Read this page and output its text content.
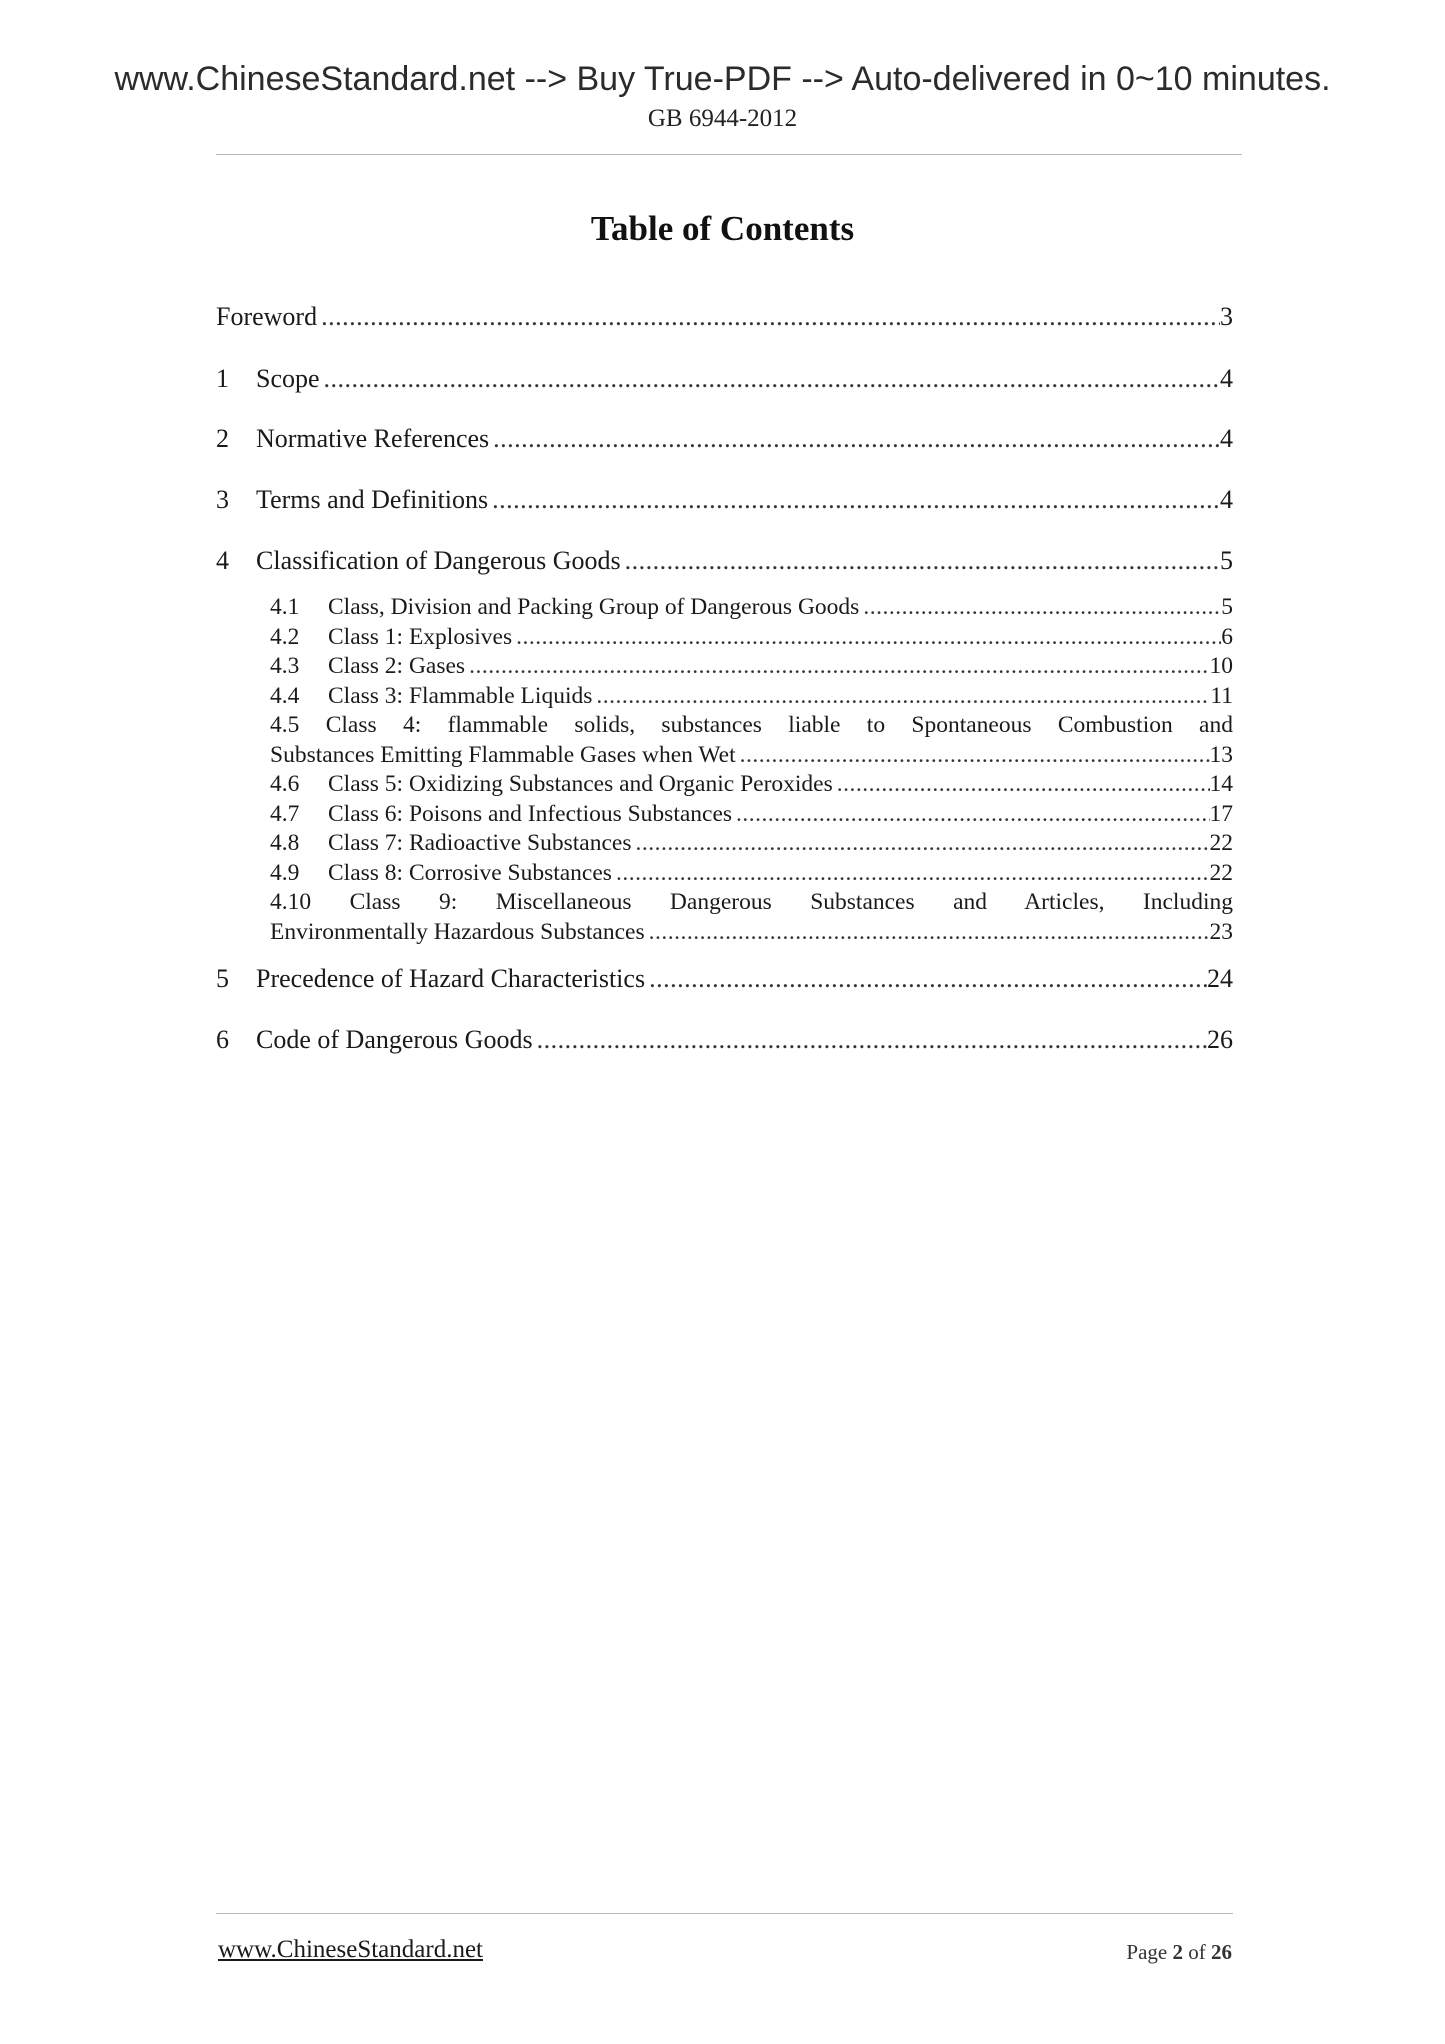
www.ChineseStandard.net --> Buy True-PDF --> Auto-delivered in 0~10 minutes.
GB 6944-2012
Table of Contents
Foreword .....	3
1	Scope .....	4
2	Normative References .....	4
3	Terms and Definitions .....	4
4	Classification of Dangerous Goods .....	5
4.1	Class, Division and Packing Group of Dangerous Goods .....	5
4.2	Class 1: Explosives .....	6
4.3	Class 2: Gases .....	10
4.4	Class 3: Flammable Liquids .....	11
4.5 Class 4: flammable solids, substances liable to Spontaneous Combustion and
Substances Emitting Flammable Gases when Wet .....	13
4.6	Class 5: Oxidizing Substances and Organic Peroxides .....	14
4.7	Class 6: Poisons and Infectious Substances .....	17
4.8	Class 7: Radioactive Substances .....	22
4.9	Class 8: Corrosive Substances .....	22
4.10 Class 9: Miscellaneous Dangerous Substances and Articles, Including
Environmentally Hazardous Substances .....	23
5	Precedence of Hazard Characteristics .....	24
6	Code of Dangerous Goods .....	26
www.ChineseStandard.net	Page 2 of 26
